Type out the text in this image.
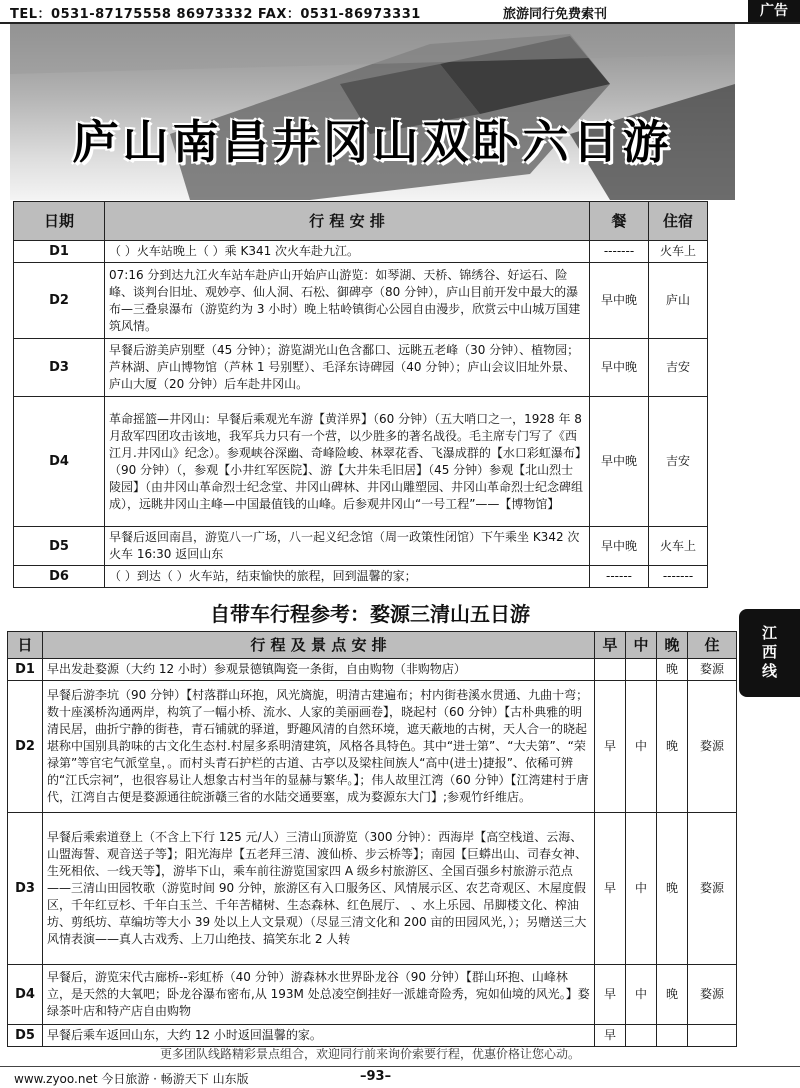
TEL：0531-87175558 86973332 FAX：0531-86973331	旅游同行免费索刊	广告
庐山南昌井冈山双卧六日游
日期	行 程 安 排	餐	住宿
D1	（ ）火车站晚上（ ）乘 K341 次火车赴九江。	-------	火车上
D2	07:16 分到达九江火车站车赴庐山开始庐山游览：如琴湖、天桥、锦绣谷、好运石、险峰、谈判台旧址、观妙亭、仙人洞、石松、御碑亭（80 分钟），庐山目前开发中最大的瀑布—三叠泉瀑布（游览约为 3 小时）晚上牯岭镇街心公园自由漫步，欣赏云中山城万国建筑风情。	早中晚	庐山
D3	早餐后游美庐别墅（45 分钟）；游览湖光山色含鄱口、远眺五老峰（30 分钟）、植物园；芦林湖、庐山博物馆（芦林 1 号别墅）、毛泽东诗碑园（40 分钟）；庐山会议旧址外景、庐山大厦（20 分钟）后车赴井冈山。	早中晚	吉安
D4	革命摇篮—井冈山：早餐后乘观光车游【黄洋界】（60 分钟）（五大哨口之一，1928 年 8 月敌军四团攻击该地，我军兵力只有一个营，以少胜多的著名战役。毛主席专门写了《西江月.井冈山》纪念）。参观峡谷深幽、奇峰险峻、林翠花香、飞瀑成群的【水口彩虹瀑布】（90 分钟）（，参观【小井红军医院】、游【大井朱毛旧居】（45 分钟）参观【北山烈士陵园】（由井冈山革命烈士纪念堂、井冈山碑林、井冈山雕塑园、井冈山革命烈士纪念碑组成），远眺井冈山主峰—中国最值钱的山峰。后参观井冈山“一号工程”——【博物馆】	早中晚	吉安
D5	早餐后返回南昌，游览八一广场，八一起义纪念馆（周一政策性闭馆）下午乘坐 K342 次火车 16:30 返回山东	早中晚	火车上
D6	（ ）到达（ ）火车站，结束愉快的旅程，回到温馨的家；	------	-------
自带车行程参考：婺源三清山五日游
日	行 程 及 景 点 安 排	早	中	晚	住
D1	早出发赴婺源（大约 12 小时）参观景德镇陶瓷一条街，自由购物（非购物店）			晚	婺源
D2	早餐后游李坑（90 分钟）【村落群山环抱，风光旖旎，明清古建遍布；村内街巷溪水贯通、九曲十弯；数十座溪桥沟通两岸，构筑了一幅小桥、流水、人家的美丽画卷】，晓起村（60 分钟）【古朴典雅的明清民居，曲折宁静的街巷，青石铺就的驿道，野趣风清的自然环境，遮天蔽地的古树，天人合一的晓起堪称中国别具韵味的古文化生态村.村屋多系明清建筑，风格各具特色。其中“进士第”、“大夫第”、“荣禄第”等官宅气派堂皇，。而村头青石护栏的古道、古亭以及梁柱间族人“高中(进士)捷报”、依稀可辨的“江氏宗祠”，也很容易让人想象古村当年的显赫与繁华。】；伟人故里江湾（60 分钟）【江湾建村于唐代，江湾自古便是婺源通往皖浙赣三省的水陆交通要塞，成为婺源东大门】;参观竹纤维店。	早	中	晚	婺源
D3	早餐后乘索道登上（不含上下行 125 元/人）三清山顶游览（300 分钟）：西海岸【高空栈道、云海、山盟海誓、观音送子等】；阳光海岸【五老拜三清、渡仙桥、步云桥等】；南园【巨蟒出山、司春女神、生死相依、一线天等】，游毕下山，乘车前往游览国家四 A 级乡村旅游区、全国百强乡村旅游示范点——三清山田园牧歌（游览时间 90 分钟，旅游区有入口服务区、风情展示区、农艺奇观区、木屋度假区，千年红豆杉、千年白玉兰、千年苦槠树、生态森林、红色展厅、 、水上乐园、吊脚楼文化、榨油坊、剪纸坊、草编坊等大小 39 处以上人文景观）（尽显三清文化和 200 亩的田园风光，）；另赠送三大风情表演——真人古戏秀、上刀山绝技、搞笑东北 2 人转	早	中	晚	婺源
D4	早餐后，游览宋代古廊桥--彩虹桥（40 分钟）游森林水世界卧龙谷（90 分钟）【群山环抱、山峰林立，是天然的大氧吧；卧龙谷瀑布密布,从 193M 处总凌空倒挂好一派雄奇险秀，宛如仙境的风光。】婺绿茶叶店和特产店自由购物	早	中	晚	婺源
D5	早餐后乘车返回山东，大约 12 小时返回温馨的家。	早			
更多团队线路精彩景点组合，欢迎同行前来询价索要行程，优惠价格让您心动。
江西线
www.zyoo.net 今日旅游 · 畅游天下 山东版	–93–
